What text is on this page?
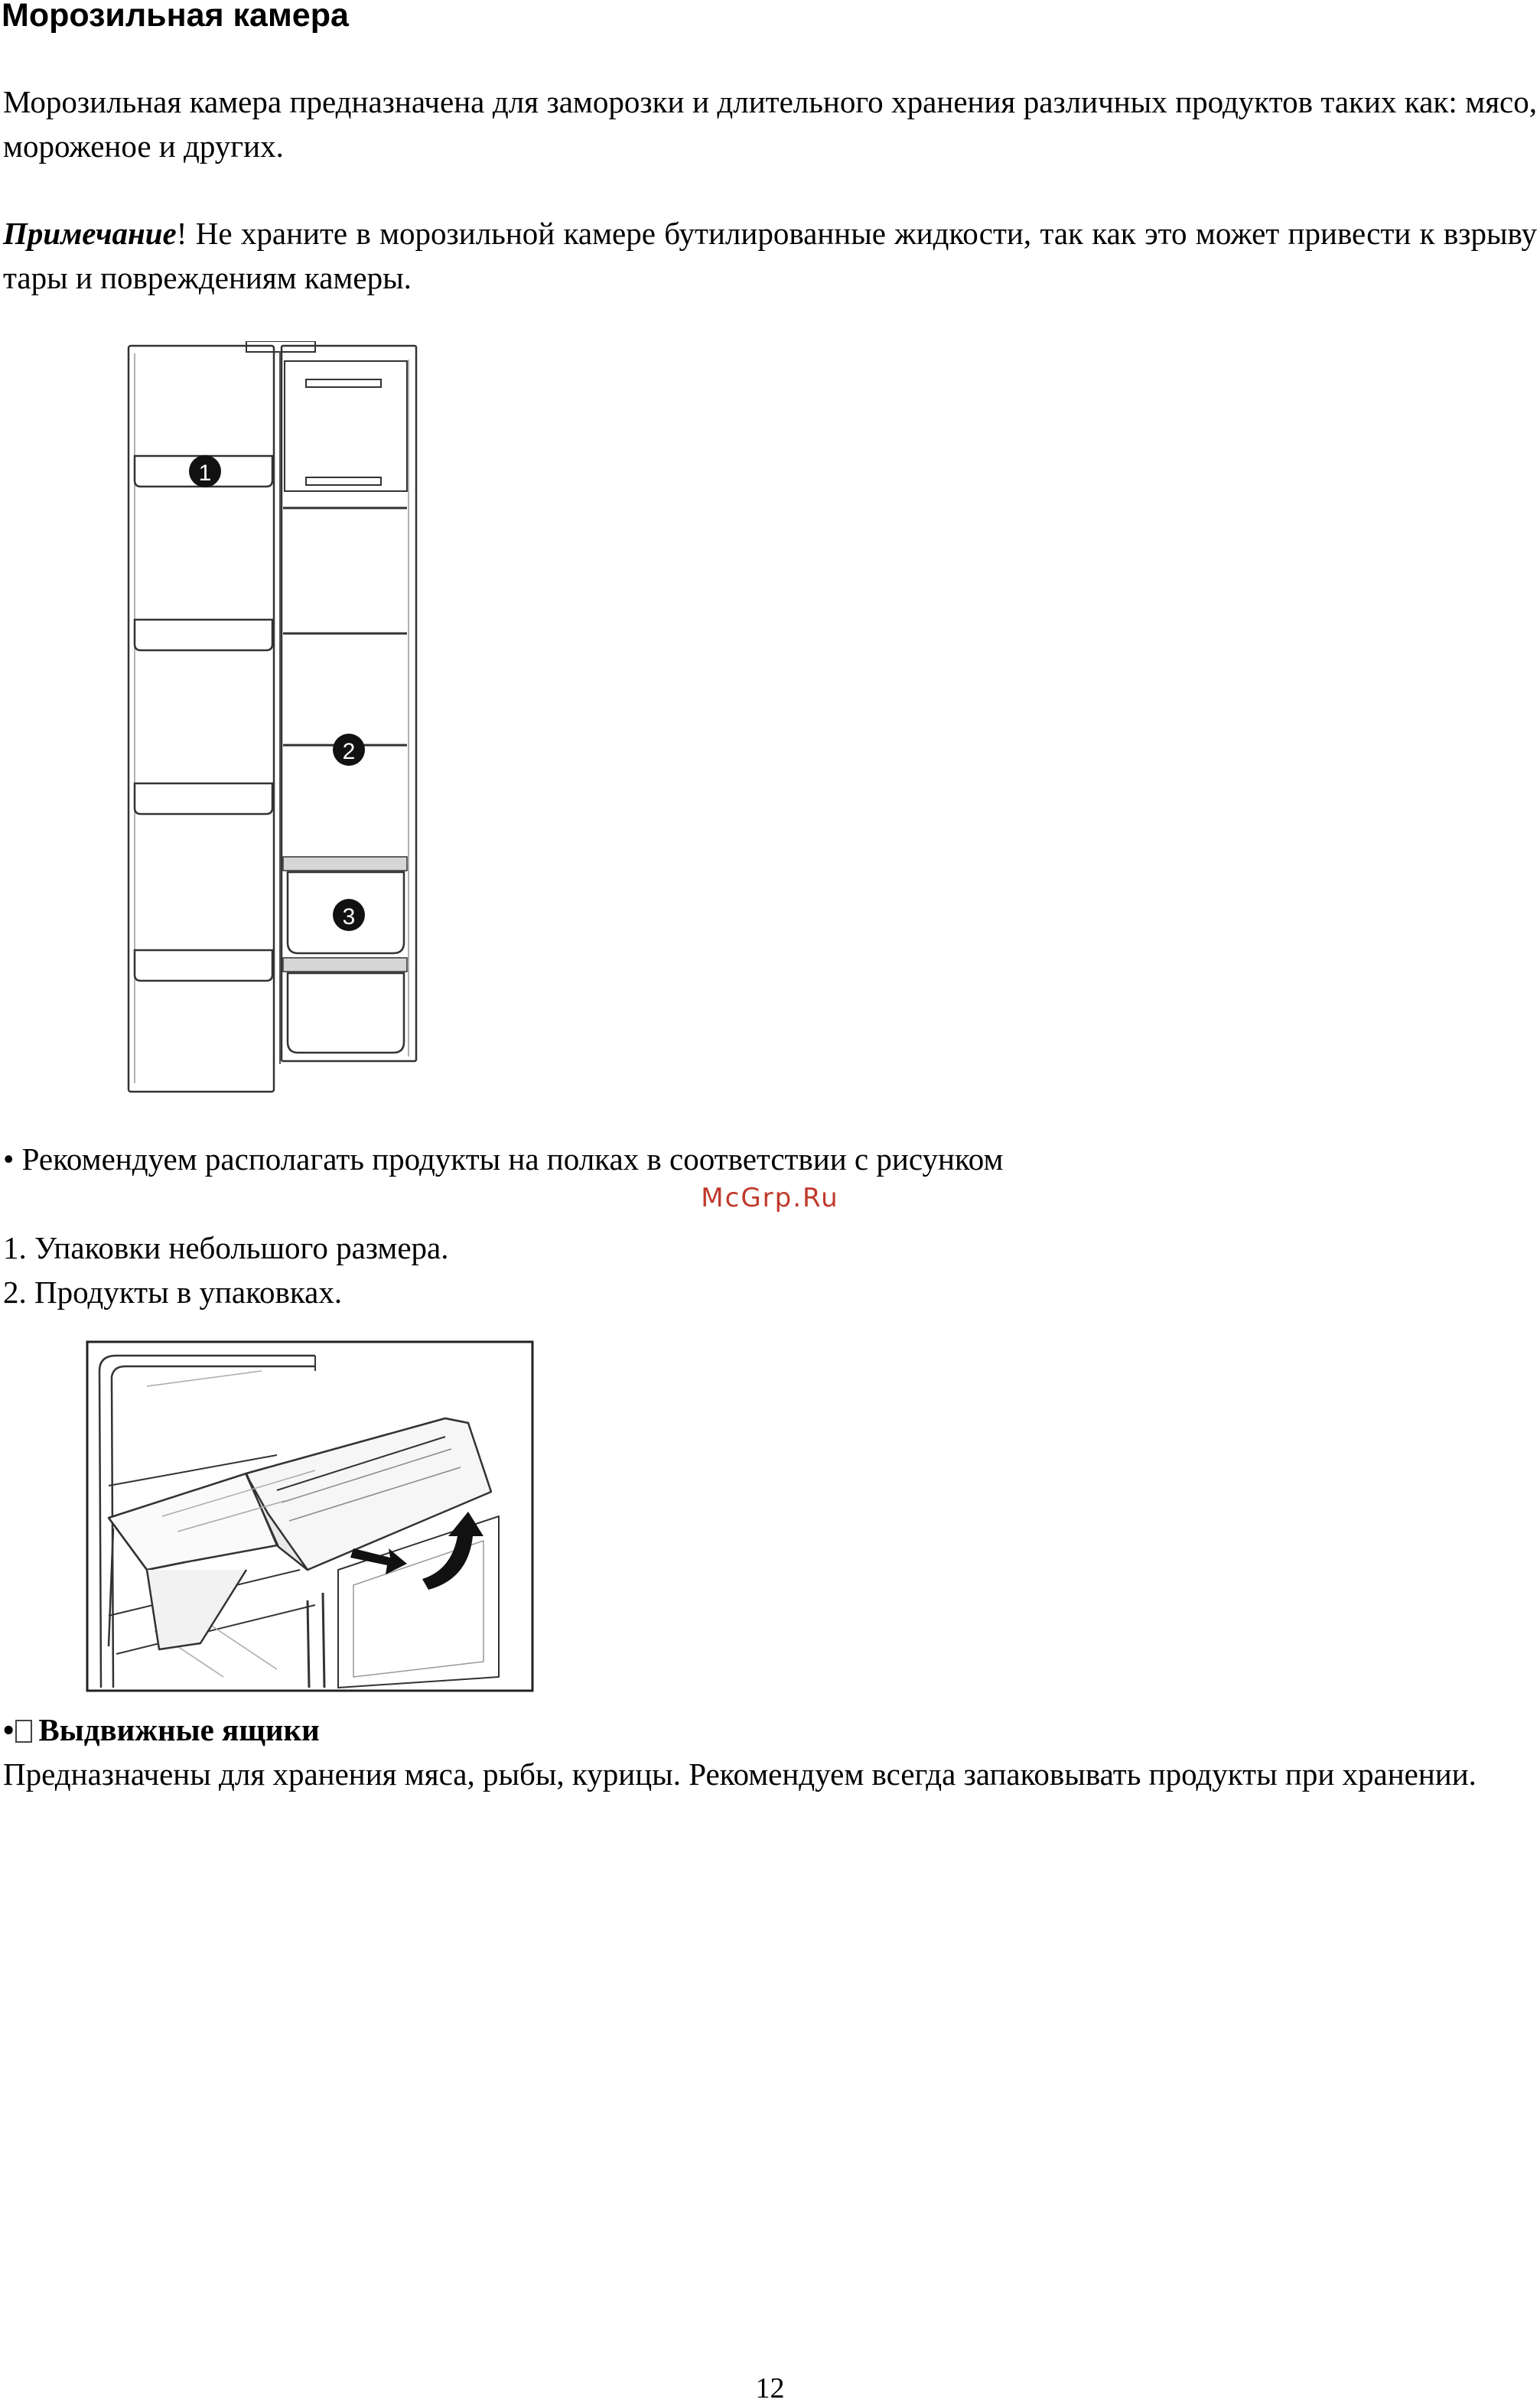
Морозильная камера
Морозильная камера предназначена для заморозки и длительного хранения различных продуктов таких как: мясо, мороженое и других.
Примечание! Не храните в морозильной камере бутилированные жидкости, так как это может привести к взрыву тары и повреждениям камеры.
1
2
3
• Рекомендуем располагать продукты на полках в соответствии с рисунком
McGrp.Ru
1. Упаковки небольшого размера.
2. Продукты в упаковках.
• Выдвижные ящики
Предназначены для хранения мяса, рыбы, курицы. Рекомендуем всегда запаковывать продукты при хранении.
12
